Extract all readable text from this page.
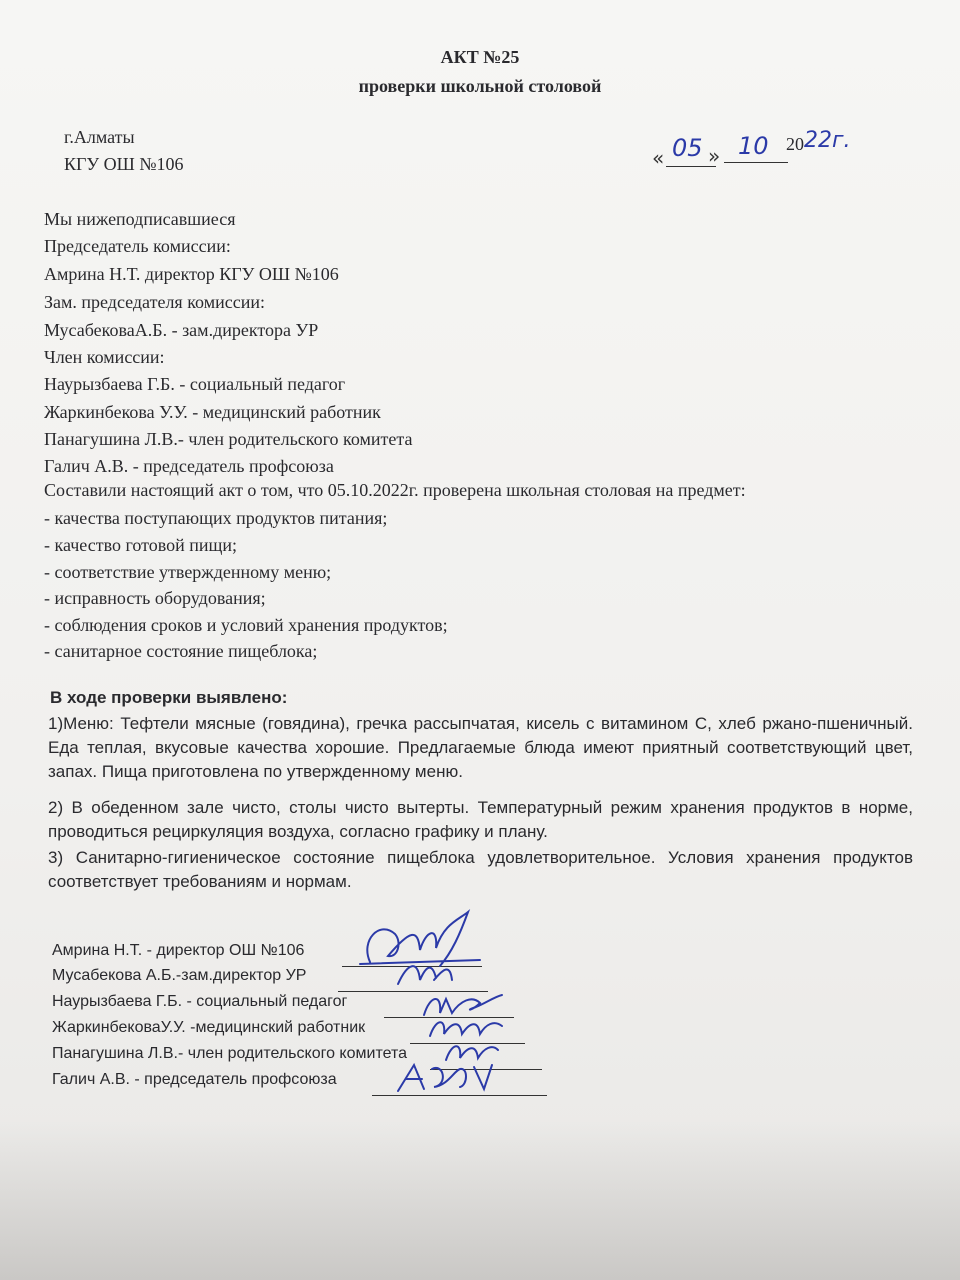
АКТ №25
проверки школьной столовой
г.Алматы
КГУ ОШ №106	« 05 » 10 20 22г.
Мы нижеподписавшиеся
Председатель комиссии:
Амрина Н.Т. директор КГУ ОШ №106
Зам. председателя комиссии:
МусабековаА.Б. - зам.директора УР
Член комиссии:
Наурызбаева Г.Б. - социальный педагог
Жаркинбекова У.У. - медицинский работник
Панагушина Л.В.- член родительского комитета
Галич А.В. - председатель профсоюза
Составили настоящий акт о том, что 05.10.2022г. проверена школьная столовая на предмет:
- качества поступающих продуктов питания;
- качество готовой пищи;
- соответствие утвержденному меню;
- исправность оборудования;
- соблюдения сроков и условий хранения продуктов;
- санитарное состояние пищеблока;
В ходе проверки выявлено:
1)Меню: Тефтели мясные (говядина), гречка рассыпчатая, кисель с витамином С, хлеб ржано-пшеничный. Еда теплая, вкусовые качества хорошие. Предлагаемые блюда имеют приятный соответствующий цвет, запах. Пища приготовлена по утвержденному меню.
2) В обеденном зале чисто, столы чисто вытерты. Температурный режим хранения продуктов в норме, проводиться рециркуляция воздуха, согласно графику и плану.
3) Санитарно-гигиеническое состояние пищеблока удовлетворительное. Условия хранения продуктов соответствует требованиям и нормам.
Амрина Н.Т. - директор ОШ №106
Мусабекова А.Б.-зам.директор УР
Наурызбаева Г.Б. - социальный педагог
ЖаркинбековаУ.У. -медицинский работник
Панагушина Л.В.- член родительского комитета
Галич А.В. - председатель профсоюза
